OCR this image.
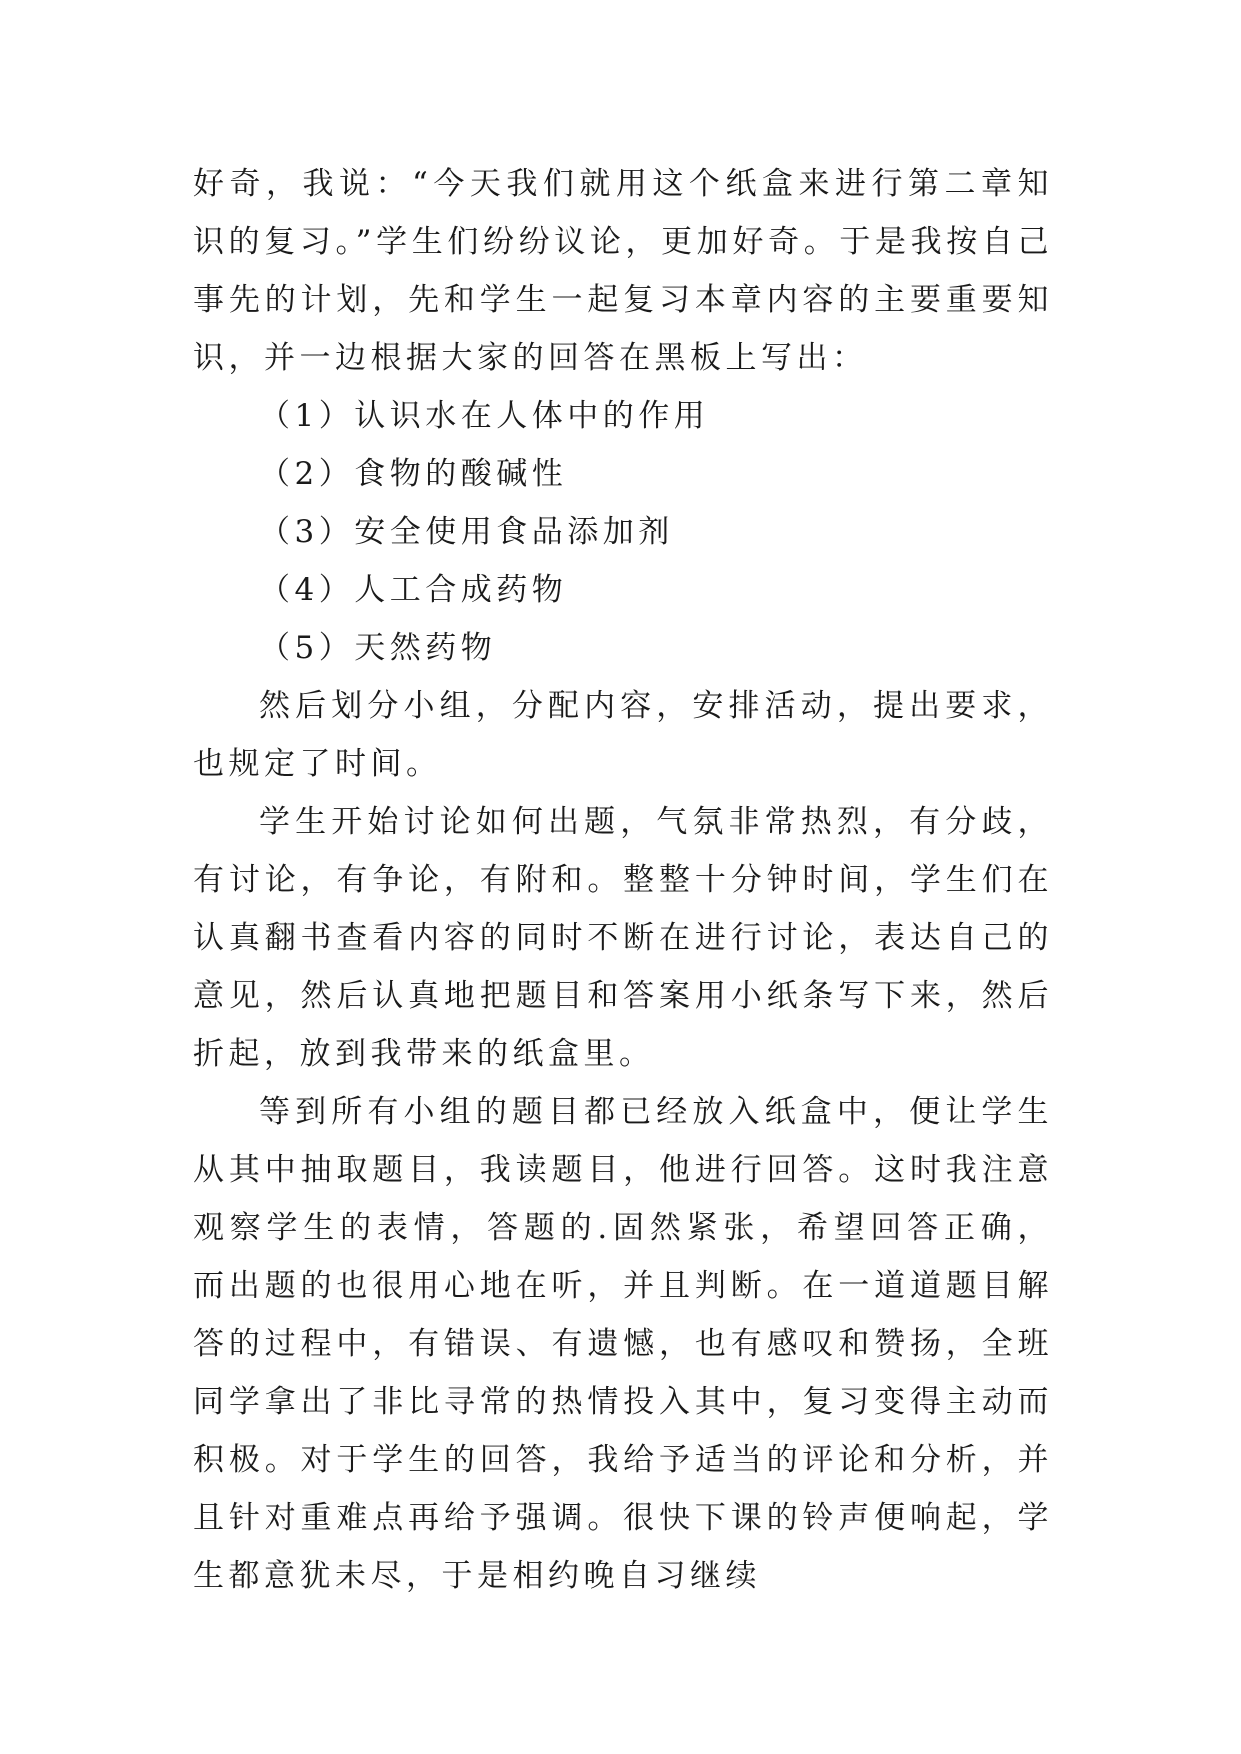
好奇，我说：“今天我们就用这个纸盒来进行第二章知识的复习。”学生们纷纷议论，更加好奇。于是我按自己事先的计划，先和学生一起复习本章内容的主要重要知识，并一边根据大家的回答在黑板上写出：

（1）认识水在人体中的作用

（2）食物的酸碱性

（3）安全使用食品添加剂

（4）人工合成药物

（5）天然药物

然后划分小组，分配内容，安排活动，提出要求，也规定了时间。

学生开始讨论如何出题，气氛非常热烈，有分歧，有讨论，有争论，有附和。整整十分钟时间，学生们在认真翻书查看内容的同时不断在进行讨论，表达自己的意见，然后认真地把题目和答案用小纸条写下来，然后折起，放到我带来的纸盒里。

等到所有小组的题目都已经放入纸盒中，便让学生从其中抽取题目，我读题目，他进行回答。这时我注意观察学生的表情，答题的.固然紧张，希望回答正确，而出题的也很用心地在听，并且判断。在一道道题目解答的过程中，有错误、有遗憾，也有感叹和赞扬，全班同学拿出了非比寻常的热情投入其中，复习变得主动而积极。对于学生的回答，我给予适当的评论和分析，并且针对重难点再给予强调。很快下课的铃声便响起，学生都意犹未尽，于是相约晚自习继续
